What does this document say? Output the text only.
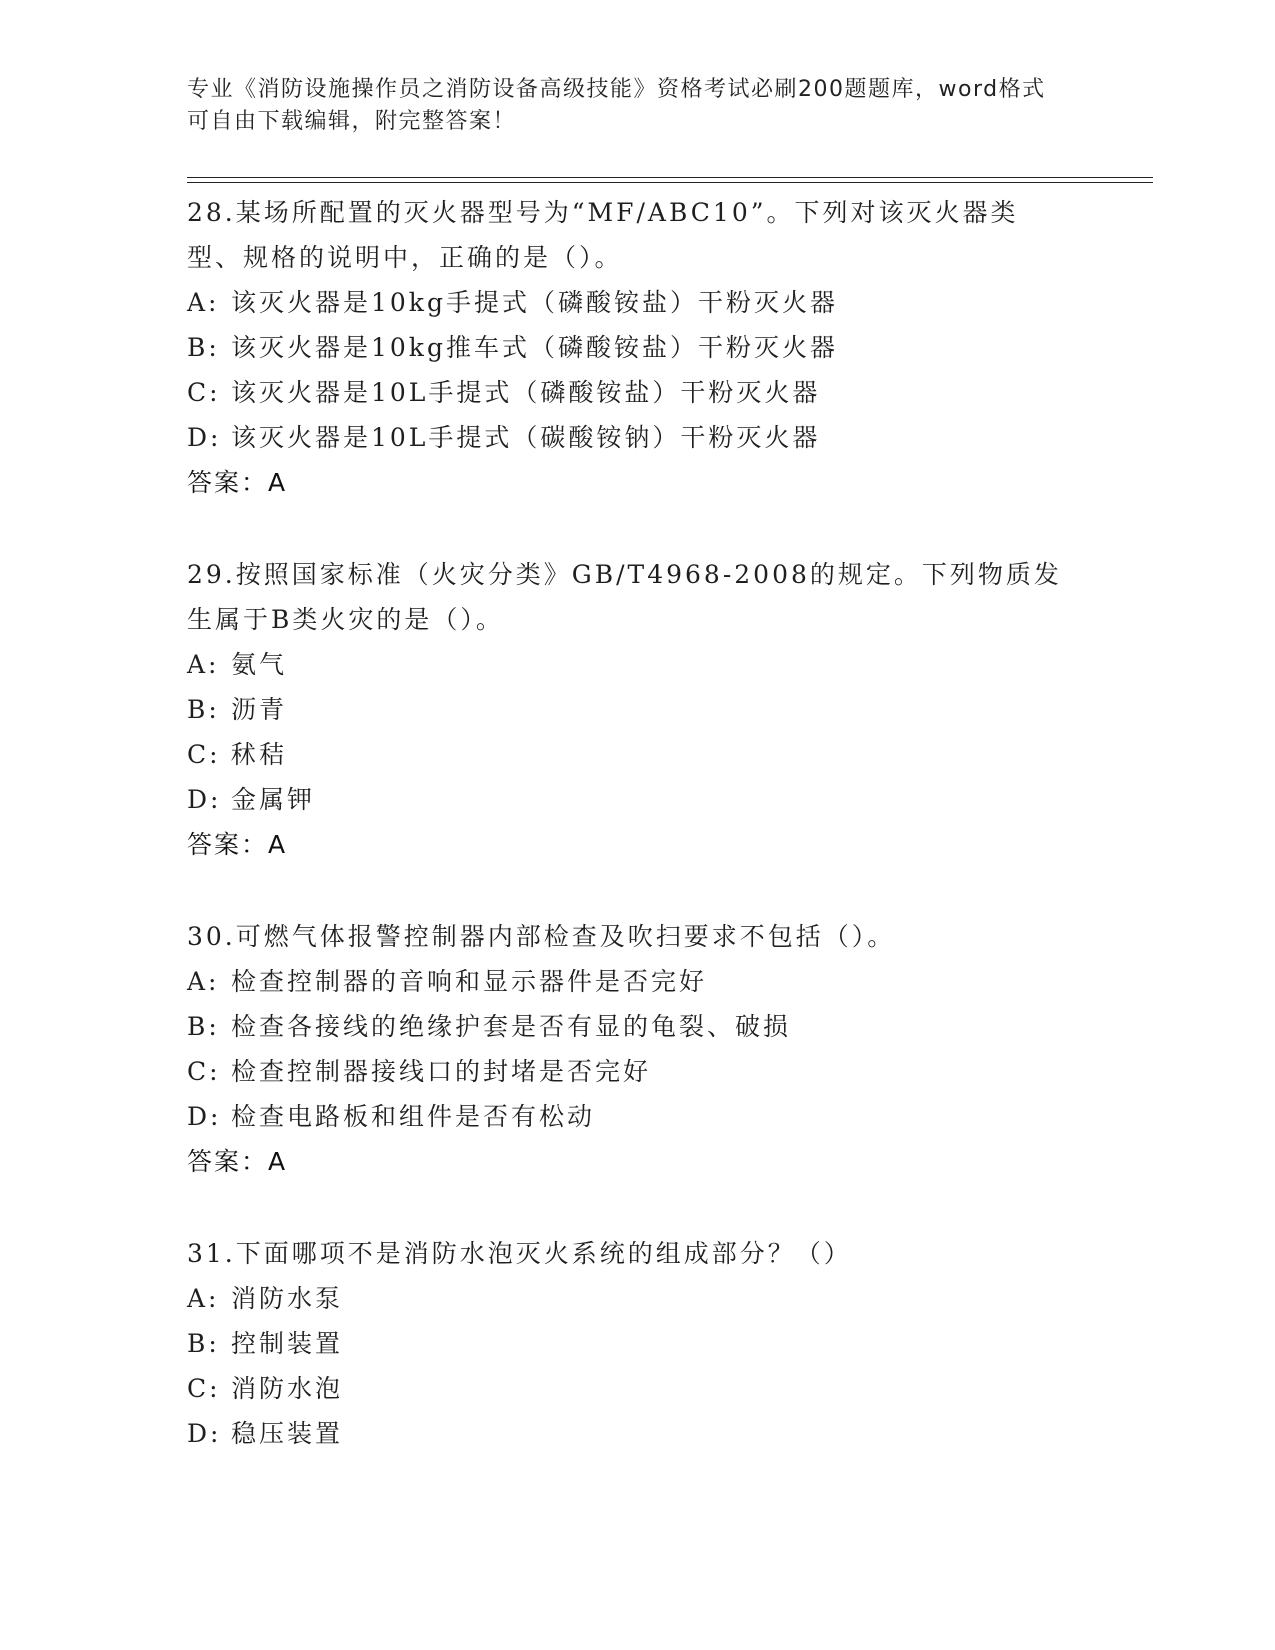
专业《消防设施操作员之消防设备高级技能》资格考试必刷200题题库，word格式可自由下载编辑，附完整答案！
28.某场所配置的灭火器型号为“MF/ABC10”。下列对该灭火器类型、规格的说明中，正确的是（）。
A: 该灭火器是10kg手提式（磷酸铵盐）干粉灭火器
B: 该灭火器是10kg推车式（磷酸铵盐）干粉灭火器
C: 该灭火器是10L手提式（磷酸铵盐）干粉灭火器
D: 该灭火器是10L手提式（碳酸铵钠）干粉灭火器
答案：A
29.按照国家标准（火灾分类》GB/T4968-2008的规定。下列物质发生属于B类火灾的是（）。
A: 氨气
B: 沥青
C: 秫秸
D: 金属钾
答案：A
30.可燃气体报警控制器内部检查及吹扫要求不包括（）。
A: 检查控制器的音响和显示器件是否完好
B: 检查各接线的绝缘护套是否有显的龟裂、破损
C: 检查控制器接线口的封堵是否完好
D: 检查电路板和组件是否有松动
答案：A
31.下面哪项不是消防水泡灭火系统的组成部分？（）
A: 消防水泵
B: 控制装置
C: 消防水泡
D: 稳压装置
